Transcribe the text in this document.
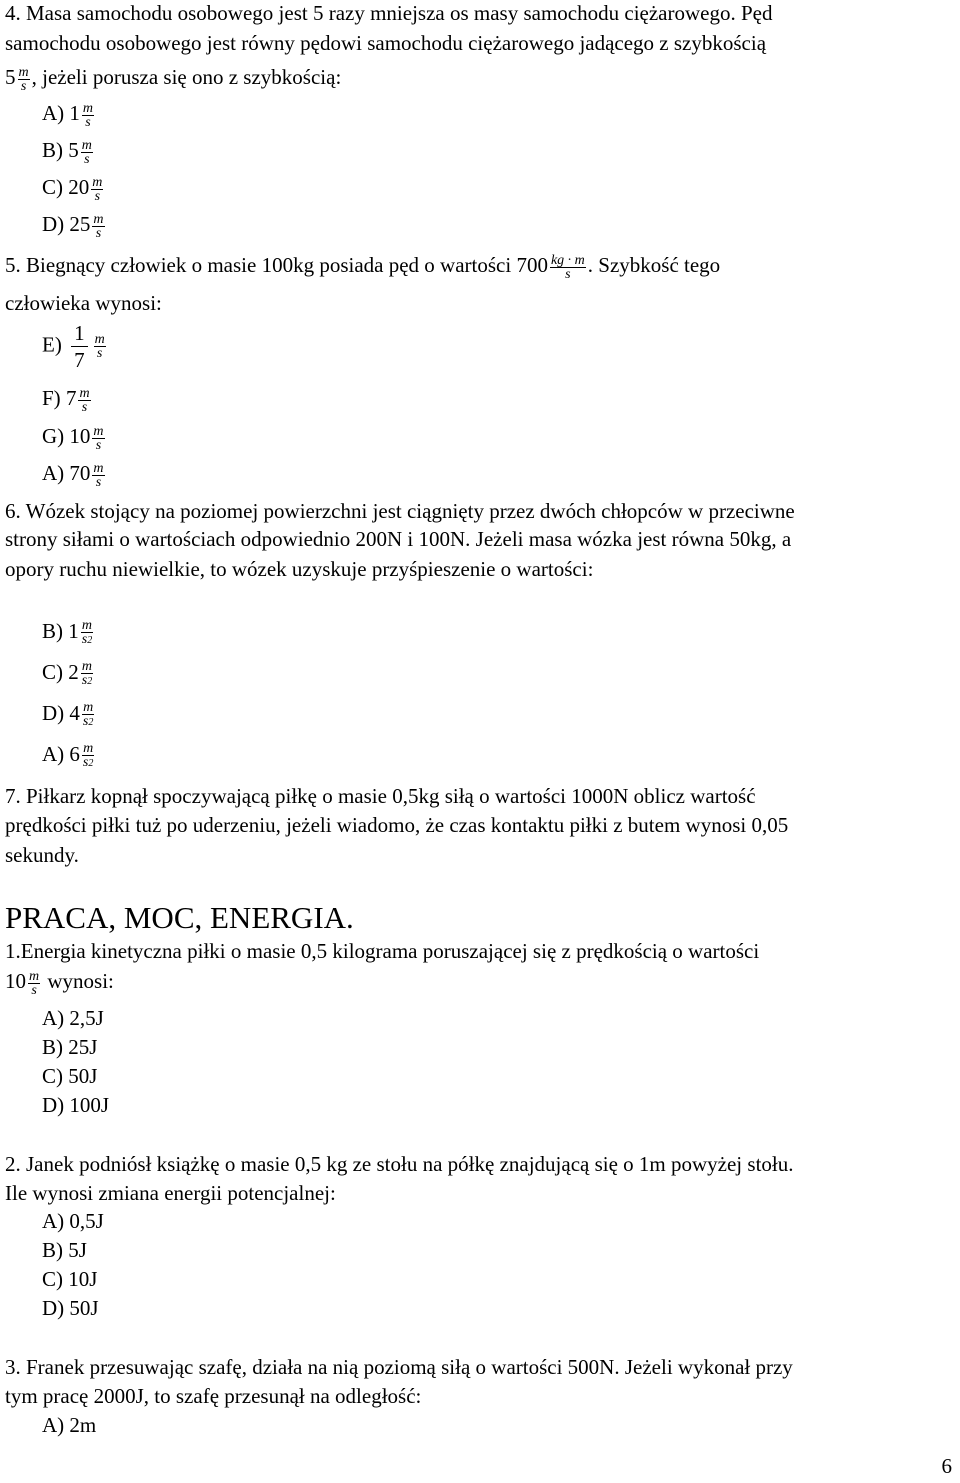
4. Masa samochodu osobowego jest 5 razy mniejsza os masy samochodu ciężarowego. Pęd
samochodu osobowego jest równy pędowi samochodu ciężarowego jadącego z szybkością
$5 \frac{m}{s}$ , jeżeli porusza się ono z szybkością:
A) $1 \frac{m}{s}$
B) $5 \frac{m}{s}$
C) $20 \frac{m}{s}$
D) $25 \frac{m}{s}$
5. Biegnący człowiek o masie 100kg posiada pęd o wartości $700 \frac{kg \cdot m}{s}$ . Szybkość tego
człowieka wynosi:
$E) \frac{1}{7} \frac{m}{s}$
F) $7 \frac{m}{s}$
G) $10 \frac{m}{s}$
A) $70 \frac{m}{s}$
6. Wózek stojący na poziomej powierzchni jest ciągnięty przez dwóch chłopców w przeciwne
strony siłami o wartościach odpowiednio 200N i 100N. Jeżeli masa wózka jest równa 50kg, a
opory ruchu niewielkie, to wózek uzyskuje przyśpieszenie o wartości:
B) $1 \frac{m}{s2}$
C) $2 \frac{m}{s2}$
D) $4 \frac{m}{s2}$
A) $6 \frac{m}{s2}$
7. Piłkarz kopnął spoczywającą piłkę o masie 0,5kg siłą o wartości 1000N oblicz wartość
prędkości piłki tuż po uderzeniu, jeżeli wiadomo, że czas kontaktu piłki z butem wynosi 0,05
sekundy.
PRACA, MOC, ENERGIA.
1.Energia kinetyczna piłki o masie 0,5 kilograma poruszającej się z prędkością o wartości
$10 \frac{m}{s}$ wynosi:
A) 2,5J
B) 25J
C) 50J
D) 100J
2. Janek podniósł książkę o masie 0,5 kg ze stołu na półkę znajdującą się o 1m powyżej stołu.
Ile wynosi zmiana energii potencjalnej:
A) 0,5J
B) 5J
C) 10J
D) 50J
3. Franek przesuwając szafę, działa na nią poziomą siłą o wartości 500N. Jeżeli wykonał przy
tym pracę 2000J, to szafę przesunął na odległość:
A) 2m
6
